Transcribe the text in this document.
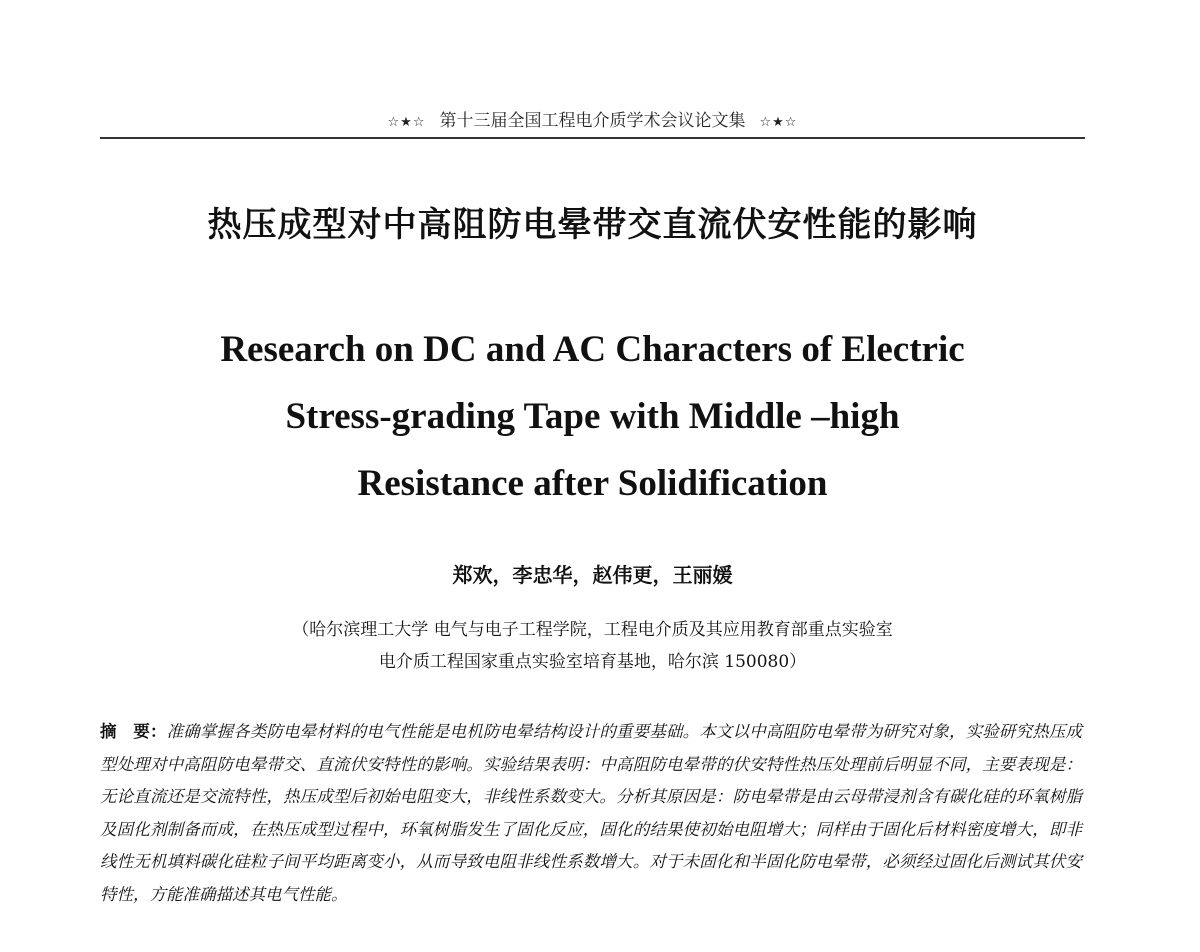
☆★☆ 第十三届全国工程电介质学术会议论文集 ☆★☆
热压成型对中高阻防电晕带交直流伏安性能的影响
Research on DC and AC Characters of Electric
Stress-grading Tape with Middle –high
Resistance after Solidification
郑欢，李忠华，赵伟更，王丽媛
（哈尔滨理工大学 电气与电子工程学院，工程电介质及其应用教育部重点实验室
电介质工程国家重点实验室培育基地，哈尔滨 150080）
摘　要：准确掌握各类防电晕材料的电气性能是电机防电晕结构设计的重要基础。本文以中高阻防电晕带为研究对象，实验研究热压成型处理对中高阻防电晕带交、直流伏安特性的影响。实验结果表明：中高阻防电晕带的伏安特性热压处理前后明显不同，主要表现是：无论直流还是交流特性，热压成型后初始电阻变大，非线性系数变大。分析其原因是：防电晕带是由云母带浸剂含有碳化硅的环氧树脂及固化剂制备而成，在热压成型过程中，环氧树脂发生了固化反应，固化的结果使初始电阻增大；同样由于固化后材料密度增大，即非线性无机填料碳化硅粒子间平均距离变小，从而导致电阻非线性系数增大。对于未固化和半固化防电晕带，必须经过固化后测试其伏安特性，方能准确描述其电气性能。
